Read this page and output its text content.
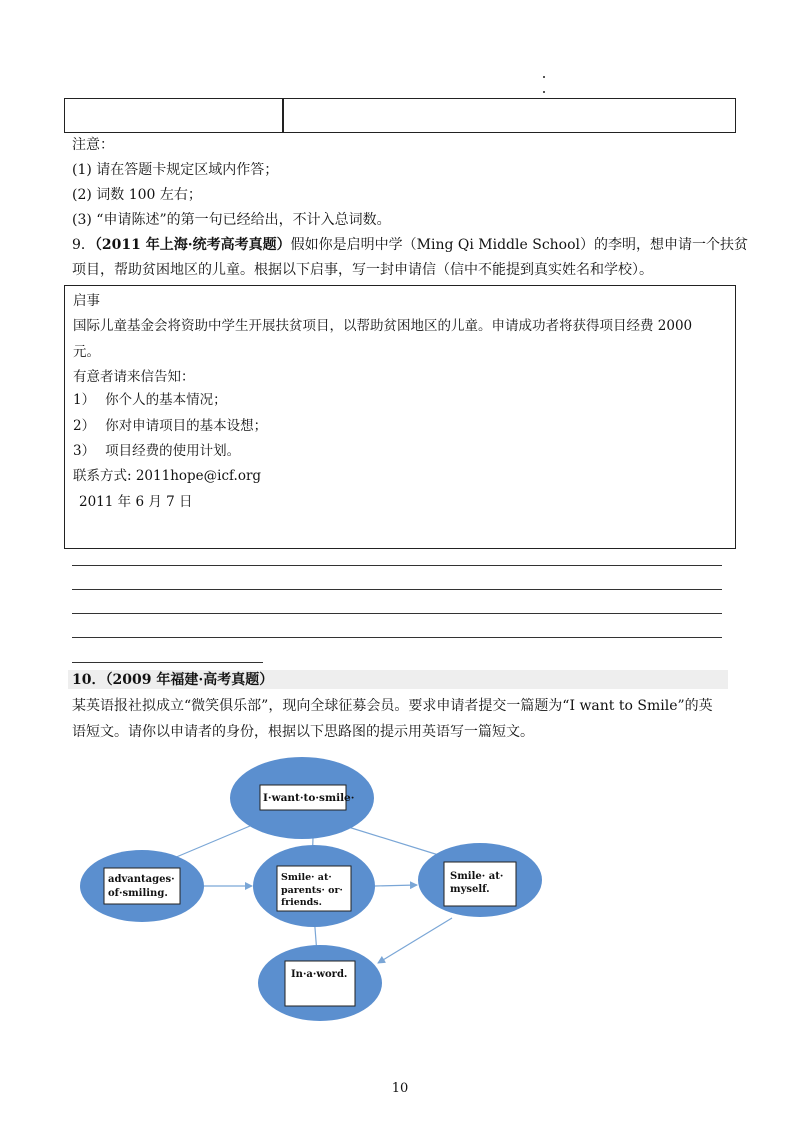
注意：
(1) 请在答题卡规定区域内作答；
(2) 词数 100 左右；
(3) “申请陈述”的第一句已经给出，不计入总词数。
9．（2011 年上海·统考高考真题）假如你是启明中学（Ming Qi Middle School）的李明，想申请一个扶贫
项目，帮助贫困地区的儿童。根据以下启事，写一封申请信（信中不能提到真实姓名和学校）。
启事
国际儿童基金会将资助中学生开展扶贫项目，以帮助贫困地区的儿童。申请成功者将获得项目经费 2000
元。
有意者请来信告知：
1） 你个人的基本情况；
2） 你对申请项目的基本设想；
3） 项目经费的使用计划。
联系方式: 2011hope@icf.org
2011 年 6 月 7 日
10．（2009 年福建·高考真题）
某英语报社拟成立“微笑俱乐部”，现向全球征募会员。要求申请者提交一篇题为“I want to Smile”的英
语短文。请你以申请者的身份，根据以下思路图的提示用英语写一篇短文。
I·want·to·smile·
advantages·
of·smiling.
Smile· at·
parents· or·
friends.
Smile· at·
myself.
In·a·word.
10
